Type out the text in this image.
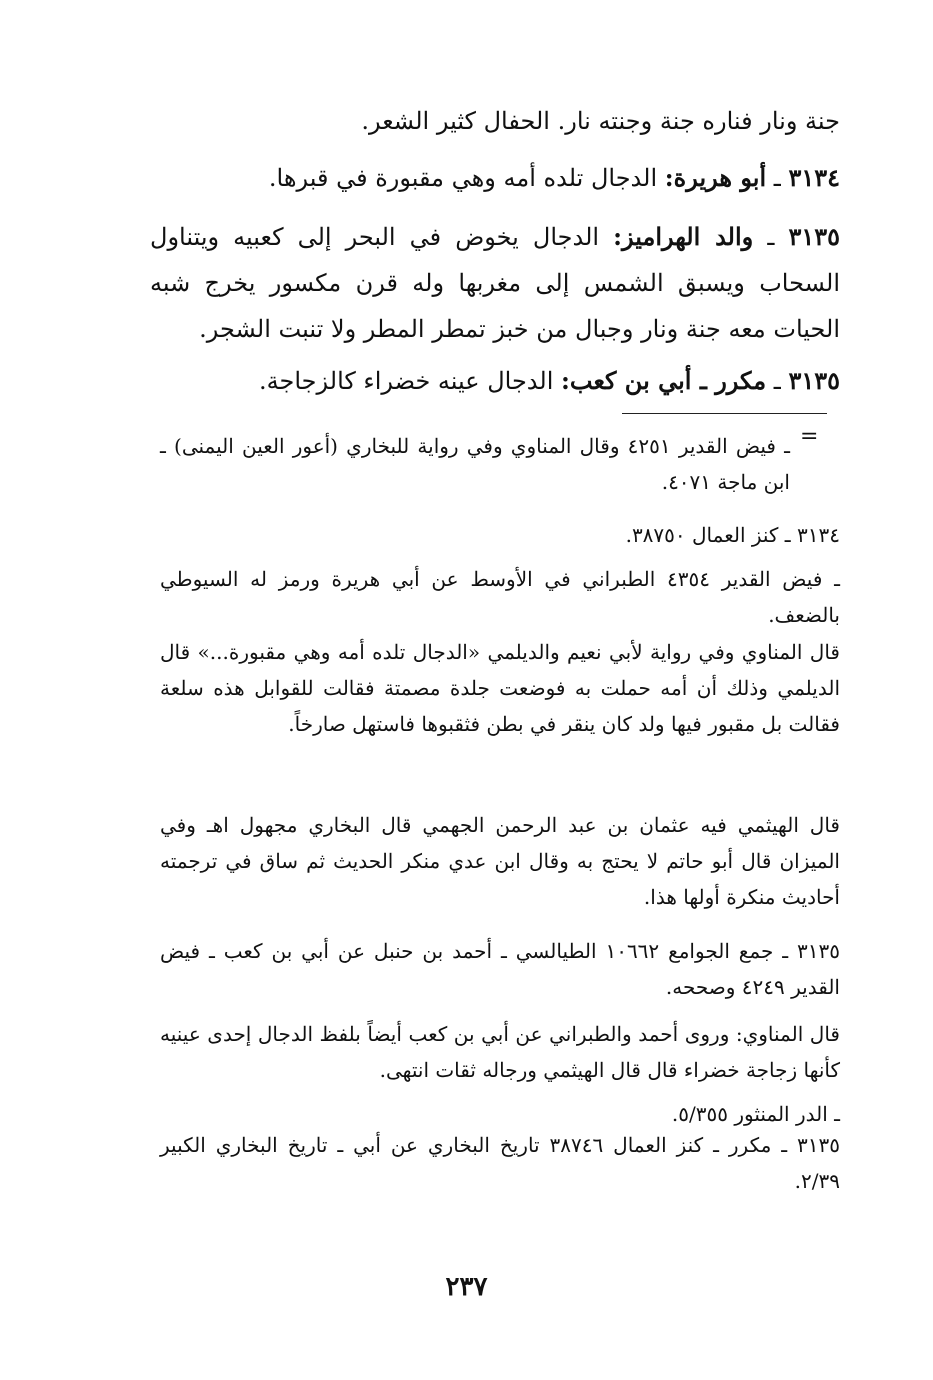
جنة ونار فناره جنة وجنته نار. الحفال كثير الشعر.

٣١٣٤ ـ أبو هريرة: الدجال تلده أمه وهي مقبورة في قبرها.

٣١٣٥ ـ والد الهراميز: الدجال يخوض في البحر إلى كعبيه ويتناول السحاب ويسبق الشمس إلى مغربها وله قرن مكسور يخرج شبه الحيات معه جنة ونار وجبال من خبز تمطر المطر ولا تنبت الشجر.

٣١٣٥ ـ مكرر ـ أبي بن كعب: الدجال عينه خضراء كالزجاجة.

=

ـ فيض القدير ٤٢٥١ وقال المناوي وفي رواية للبخاري (أعور العين اليمنى) ـ ابن ماجة ٤٠٧١.

٣١٣٤ ـ كنز العمال ٣٨٧٥٠.

ـ فيض القدير ٤٣٥٤ الطبراني في الأوسط عن أبي هريرة ورمز له السيوطي بالضعف.

قال المناوي وفي رواية لأبي نعيم والديلمي «الدجال تلده أمه وهي مقبورة...» قال الديلمي وذلك أن أمه حملت به فوضعت جلدة مصمتة فقالت للقوابل هذه سلعة فقالت بل مقبور فيها ولد كان ينقر في بطن فثقبوها فاستهل صارخاً.

قال الهيثمي فيه عثمان بن عبد الرحمن الجهمي قال البخاري مجهول اهـ وفي الميزان قال أبو حاتم لا يحتج به وقال ابن عدي منكر الحديث ثم ساق في ترجمته أحاديث منكرة أولها هذا.

٣١٣٥ ـ جمع الجوامع ١٠٦٦٢ الطيالسي ـ أحمد بن حنبل عن أبي بن كعب ـ فيض القدير ٤٢٤٩ وصححه.

قال المناوي: وروى أحمد والطبراني عن أبي بن كعب أيضاً بلفظ الدجال إحدى عينيه كأنها زجاجة خضراء قال قال الهيثمي ورجاله ثقات انتهى.

ـ الدر المنثور ٥/٣٥٥.

٣١٣٥ ـ مكرر ـ كنز العمال ٣٨٧٤٦ تاريخ البخاري عن أبي ـ تاريخ البخاري الكبير ٢/٣٩.

٢٣٧
